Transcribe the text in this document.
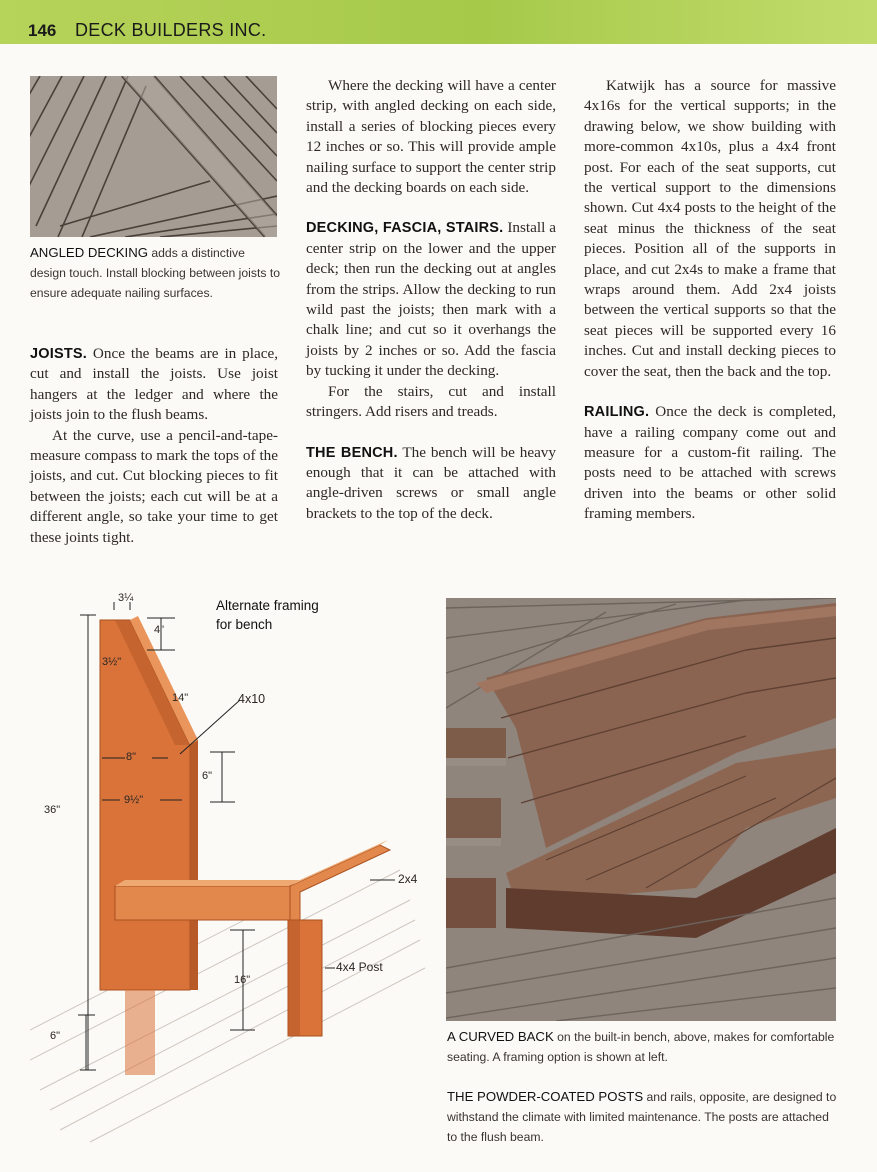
146 DECK BUILDERS INC.
ANGLED DECKING adds a distinctive design touch. Install blocking between joists to ensure adequate nailing surfaces.

JOISTS. Once the beams are in place, cut and install the joists. Use joist hangers at the ledger and where the joists join to the flush beams.

At the curve, use a pencil-and-tape-measure compass to mark the tops of the joists, and cut. Cut blocking pieces to fit between the joists; each cut will be at a different angle, so take your time to get these joints tight.

Where the decking will have a center strip, with angled decking on each side, install a series of blocking pieces every 12 inches or so. This will provide ample nailing surface to support the center strip and the decking boards on each side.

DECKING, FASCIA, STAIRS. Install a center strip on the lower and the upper deck; then run the decking out at angles from the strips. Allow the decking to run wild past the joists; then mark with a chalk line; and cut so it overhangs the joists by 2 inches or so. Add the fascia by tucking it under the decking.

For the stairs, cut and install stringers. Add risers and treads.

THE BENCH. The bench will be heavy enough that it can be attached with angle-driven screws or small angle brackets to the top of the deck.

Katwijk has a source for massive 4x16s for the vertical supports; in the drawing below, we show building with more-common 4x10s, plus a 4x4 front post. For each of the seat supports, cut the vertical support to the dimensions shown. Cut 4x4 posts to the height of the seat minus the thickness of the seat pieces. Position all of the supports in place, and cut 2x4s to make a frame that wraps around them. Add 2x4 joists between the vertical supports so that the seat pieces will be supported every 16 inches. Cut and install decking pieces to cover the seat, then the back and the top.

RAILING. Once the deck is completed, have a railing company come out and measure for a custom-fit railing. The posts need to be attached with screws driven into the beams or other solid framing members.

Alternate framing
for bench
3¼
4"
3½"
14"	4x10
8"
6"
9½"
36"
2x4
4x4 Post
16"
6"	A CURVED BACK on the built-in bench, above, makes for comfortable seating. A framing option is shown at left.
THE POWDER-COATED POSTS and rails, opposite, are designed to withstand the climate with limited maintenance. The posts are attached to the flush beam.
